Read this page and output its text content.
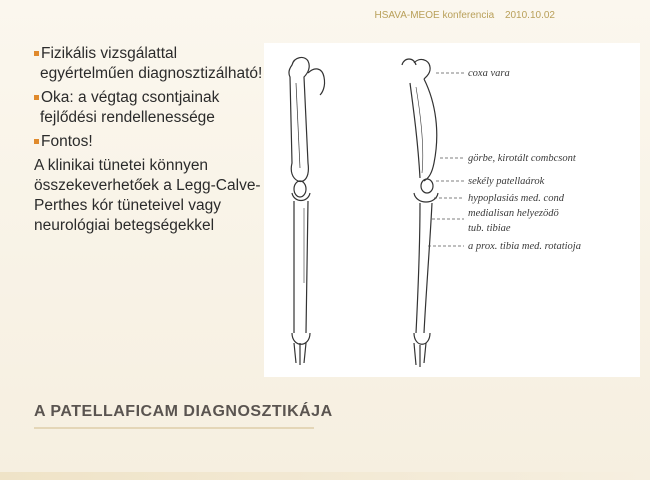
HSAVA-MEOE konferencia 2010.10.02

Fizikális vizsgálattal egyértelműen diagnosztizálható!

Oka: a végtag csontjainak fejlődési rendellenessége

Fontos!

A klinikai tünetei könnyen összekeverhetőek a Legg-Calve-Perthes kór tüneteivel vagy neurológiai betegségekkel

coxa vara
görbe, kirotált combcsont
sekély patellaárok
hypoplasiás med. cond
medialisan helyezödö
tub. tibiae
a prox. tibia med. rotatioja
A PATELLAFICAM DIAGNOSZTIKÁJA
